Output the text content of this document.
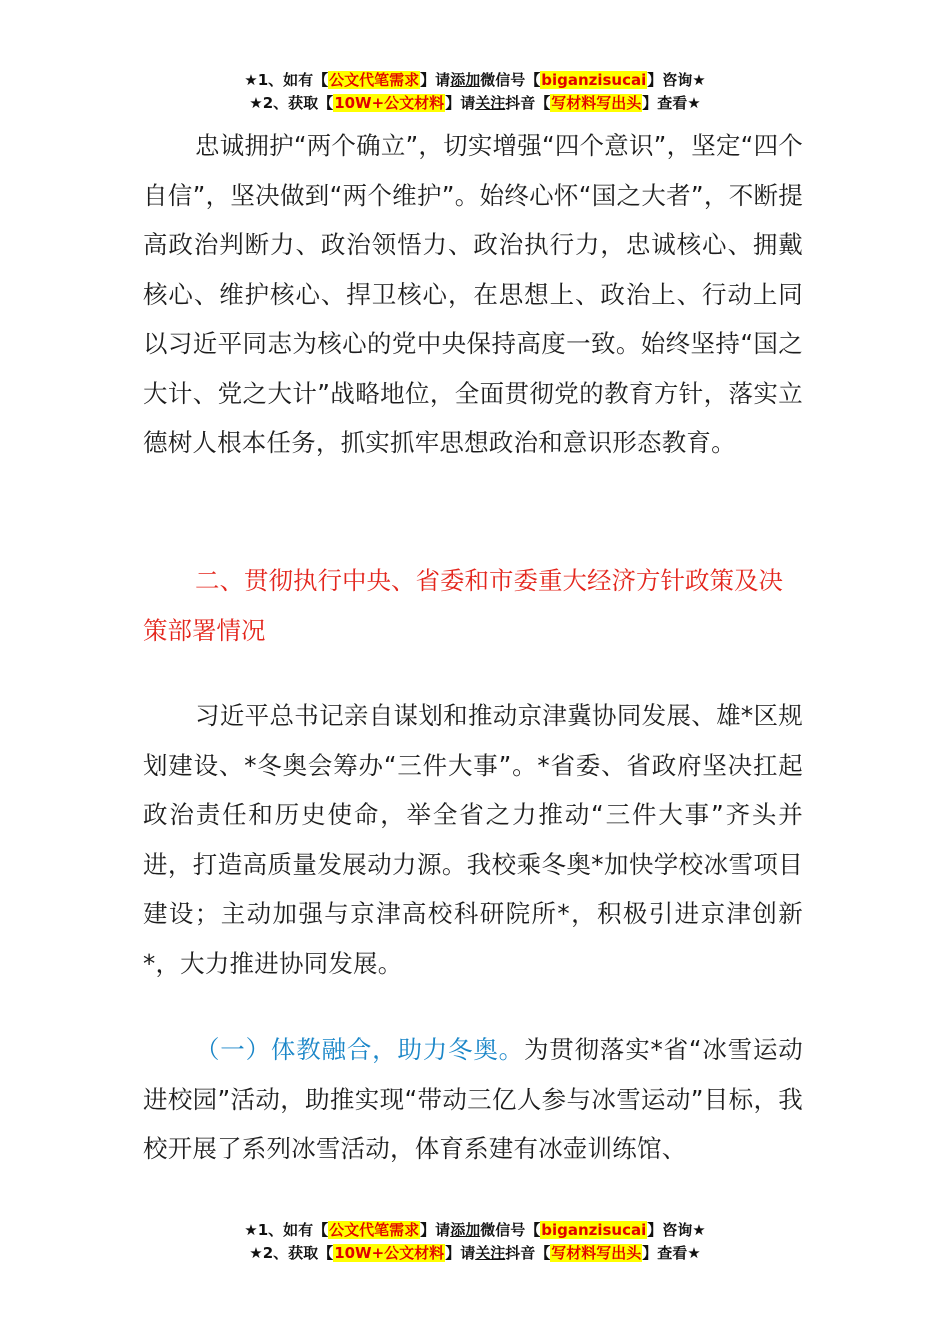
★1、如有【公文代笔需求】请添加微信号【biganzisucai】咨询★
★2、获取【10W+公文材料】请关注抖音【写材料写出头】查看★

忠诚拥护“两个确立”，切实增强“四个意识”，坚定“四个自信”，坚决做到“两个维护”。始终心怀“国之大者”，不断提高政治判断力、政治领悟力、政治执行力，忠诚核心、拥戴核心、维护核心、捍卫核心，在思想上、政治上、行动上同以习近平同志为核心的党中央保持高度一致。始终坚持“国之大计、党之大计”战略地位，全面贯彻党的教育方针，落实立德树人根本任务，抓实抓牢思想政治和意识形态教育。

二、贯彻执行中央、省委和市委重大经济方针政策及决策部署情况

习近平总书记亲自谋划和推动京津冀协同发展、雄*区规划建设、*冬奥会筹办“三件大事”。*省委、省政府坚决扛起政治责任和历史使命，举全省之力推动“三件大事”齐头并进，打造高质量发展动力源。我校乘冬奥*加快学校冰雪项目建设；主动加强与京津高校科研院所*，积极引进京津创新*，大力推进协同发展。

（一）体教融合，助力冬奥。为贯彻落实*省“冰雪运动进校园”活动，助推实现“带动三亿人参与冰雪运动”目标，我校开展了系列冰雪活动，体育系建有冰壶训练馆、

★1、如有【公文代笔需求】请添加微信号【biganzisucai】咨询★
★2、获取【10W+公文材料】请关注抖音【写材料写出头】查看★
